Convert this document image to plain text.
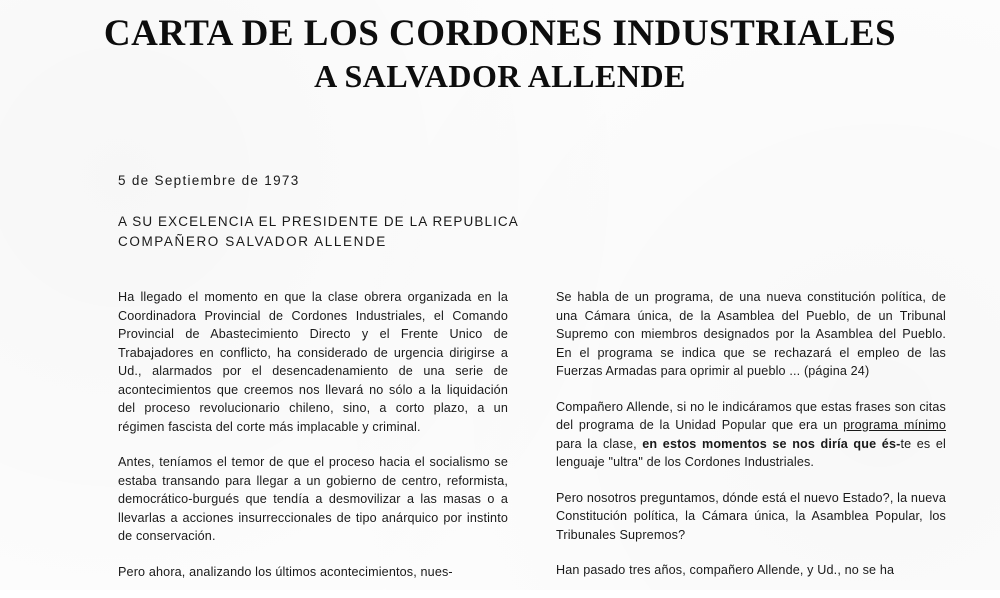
CARTA DE LOS CORDONES INDUSTRIALES
A SALVADOR ALLENDE
5 de Septiembre de 1973
A SU EXCELENCIA EL PRESIDENTE DE LA REPUBLICA
COMPAÑERO SALVADOR ALLENDE

Ha llegado el momento en que la clase obrera organizada en la Coordinadora Provincial de Cordones Industriales, el Comando Provincial de Abastecimiento Directo y el Frente Unico de Trabajadores en conflicto, ha considerado de urgencia dirigirse a Ud., alarmados por el desencadenamiento de una serie de acontecimientos que creemos nos llevará no sólo a la liquidación del proceso revolucionario chileno, sino, a corto plazo, a un régimen fascista del corte más implacable y criminal.

Antes, teníamos el temor de que el proceso hacia el socialismo se estaba transando para llegar a un gobierno de centro, reformista, democrático-burgués que tendía a desmovilizar a las masas o a llevarlas a acciones insurreccionales de tipo anárquico por instinto de conservación.

Pero ahora, analizando los últimos acontecimientos, nues-

Se habla de un programa, de una nueva constitución política, de una Cámara única, de la Asamblea del Pueblo, de un Tribunal Supremo con miembros designados por la Asamblea del Pueblo. En el programa se indica que se rechazará el empleo de las Fuerzas Armadas para oprimir al pueblo ... (página 24)

Compañero Allende, si no le indicáramos que estas frases son citas del programa de la Unidad Popular que era un programa mínimo para la clase, en estos momentos se nos diría que és-te es el lenguaje "ultra" de los Cordones Industriales.

Pero nosotros preguntamos, dónde está el nuevo Estado?, la nueva Constitución política, la Cámara única, la Asamblea Popular, los Tribunales Supremos?

Han pasado tres años, compañero Allende, y Ud., no se ha
